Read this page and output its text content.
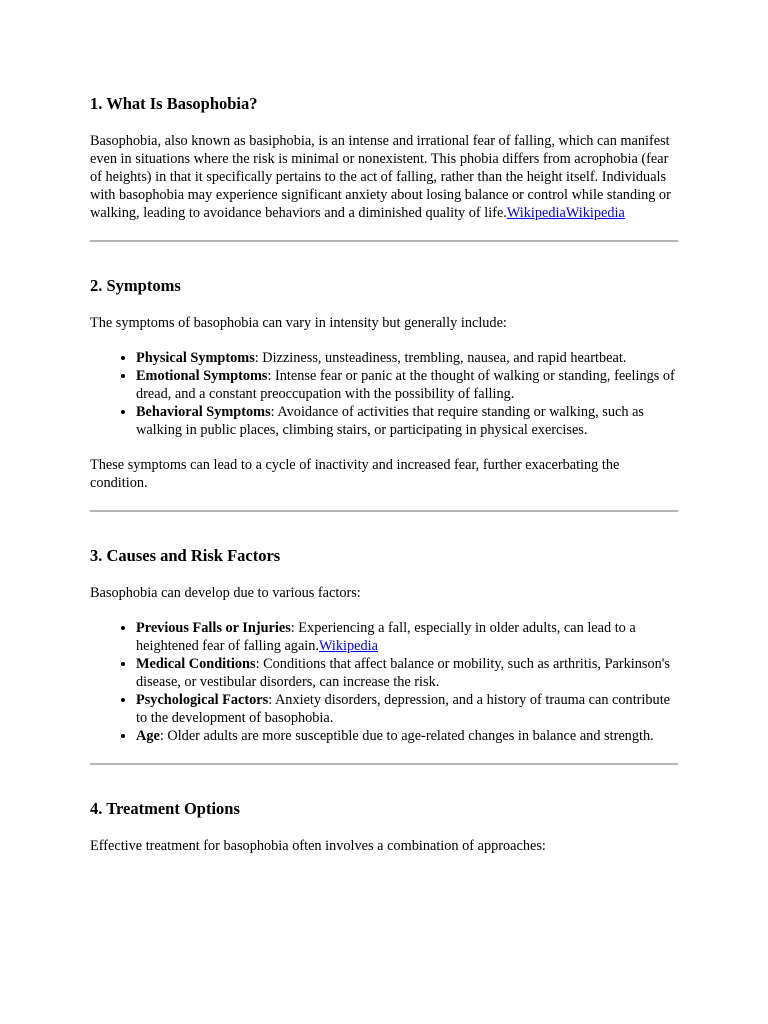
1. What Is Basophobia?

Basophobia, also known as basiphobia, is an intense and irrational fear of falling, which can manifest even in situations where the risk is minimal or nonexistent. This phobia differs from acrophobia (fear of heights) in that it specifically pertains to the act of falling, rather than the height itself. Individuals with basophobia may experience significant anxiety about losing balance or control while standing or walking, leading to avoidance behaviors and a diminished quality of life.WikipediaWikipedia

2. Symptoms

The symptoms of basophobia can vary in intensity but generally include:

• Physical Symptoms: Dizziness, unsteadiness, trembling, nausea, and rapid heartbeat.
• Emotional Symptoms: Intense fear or panic at the thought of walking or standing, feelings of dread, and a constant preoccupation with the possibility of falling.
• Behavioral Symptoms: Avoidance of activities that require standing or walking, such as walking in public places, climbing stairs, or participating in physical exercises.

These symptoms can lead to a cycle of inactivity and increased fear, further exacerbating the condition.

3. Causes and Risk Factors

Basophobia can develop due to various factors:

• Previous Falls or Injuries: Experiencing a fall, especially in older adults, can lead to a heightened fear of falling again.Wikipedia
• Medical Conditions: Conditions that affect balance or mobility, such as arthritis, Parkinson's disease, or vestibular disorders, can increase the risk.
• Psychological Factors: Anxiety disorders, depression, and a history of trauma can contribute to the development of basophobia.
• Age: Older adults are more susceptible due to age-related changes in balance and strength.
4. Treatment Options

Effective treatment for basophobia often involves a combination of approaches:
